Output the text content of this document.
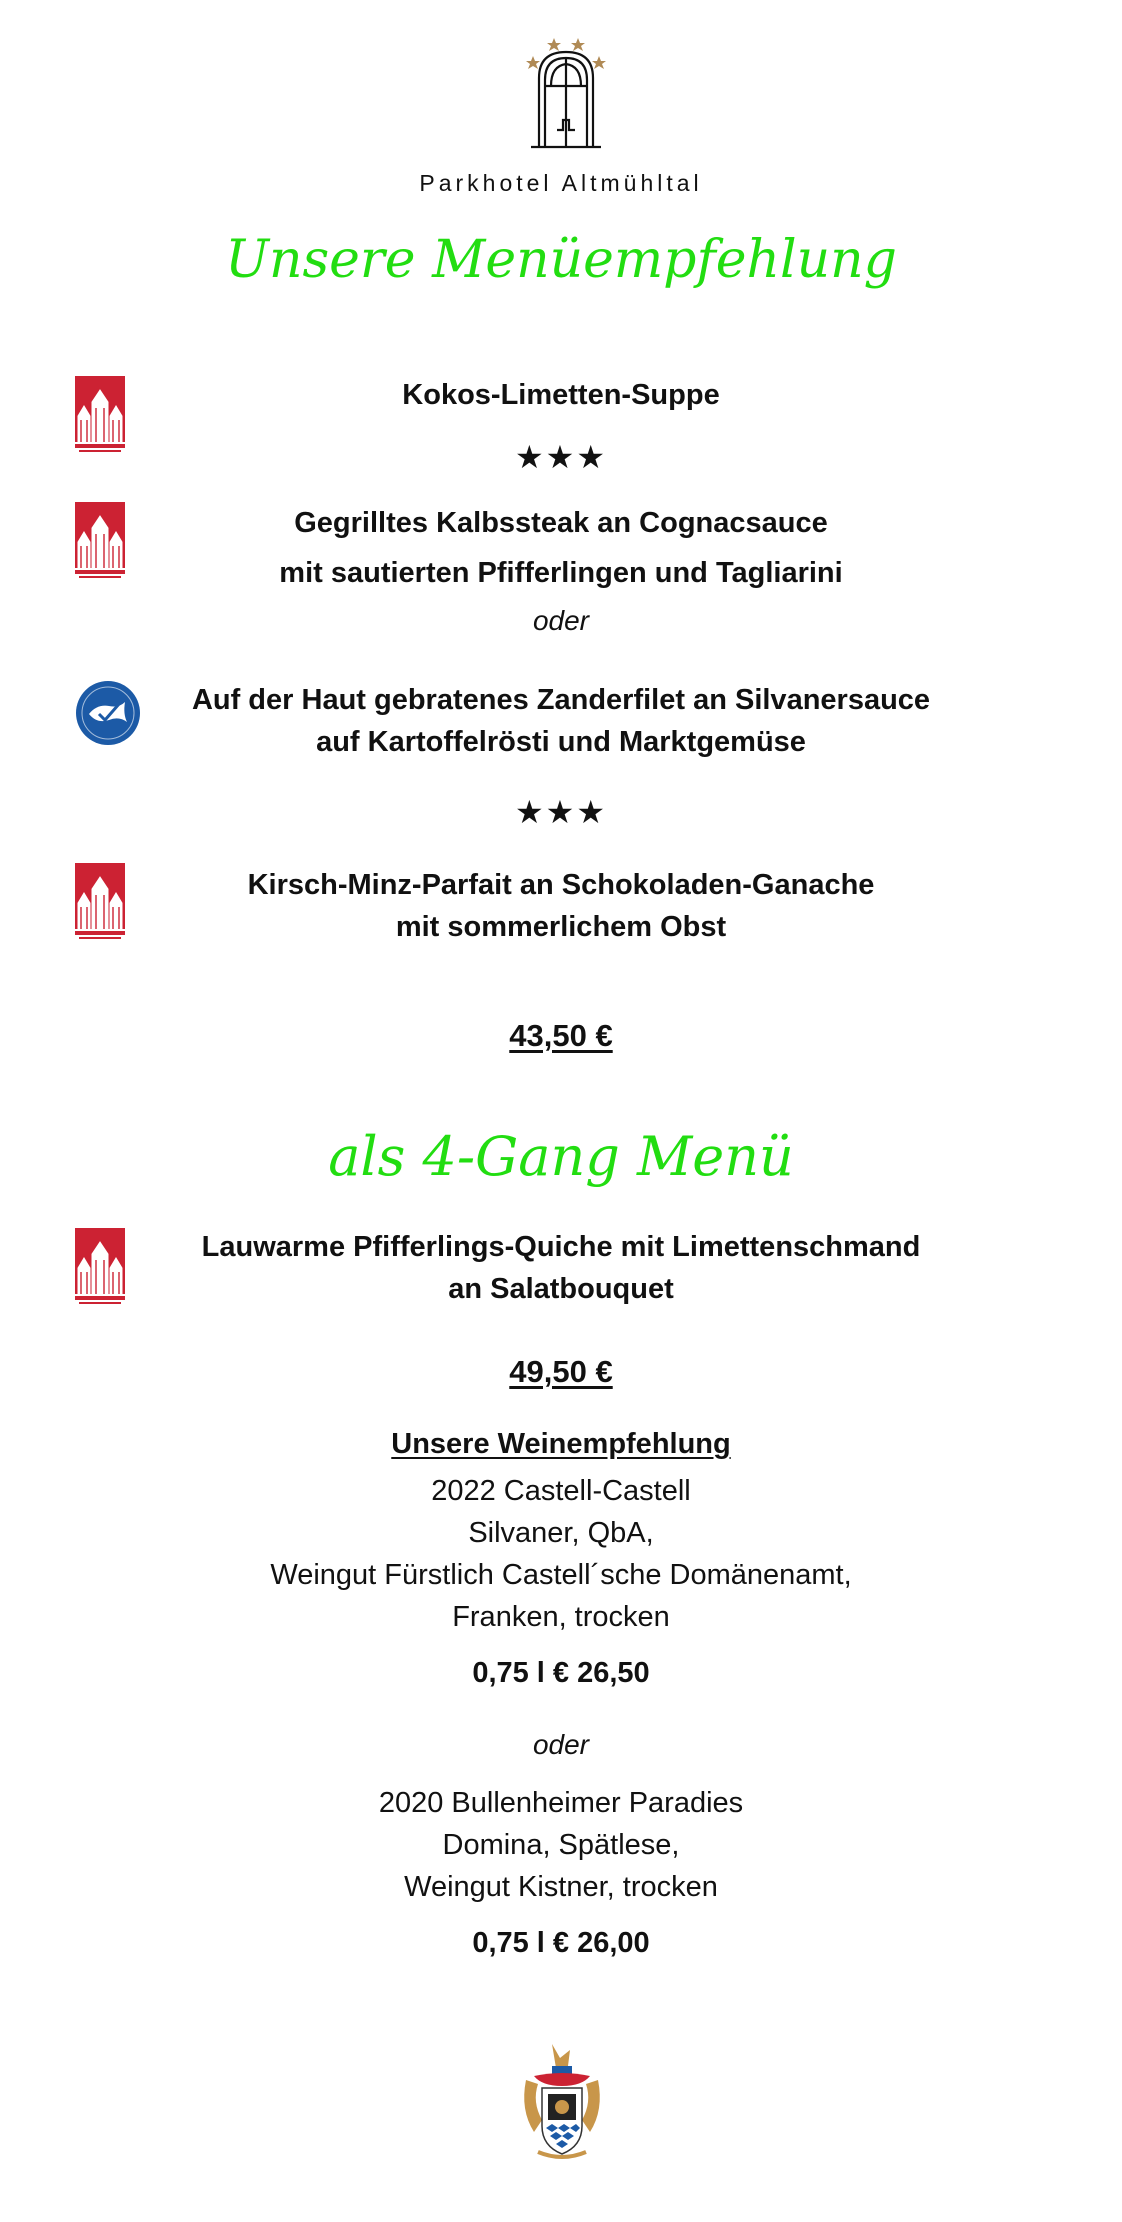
Parkhotel Altmühltal
Unsere Menüempfehlung
Kokos-Limetten-Suppe
★★★
Gegrilltes Kalbssteak an Cognacsauce
mit sautierten Pfifferlingen und Tagliarini
oder
Auf der Haut gebratenes Zanderfilet an Silvanersauce
auf Kartoffelrösti und Marktgemüse
★★★
Kirsch-Minz-Parfait an Schokoladen-Ganache
mit sommerlichem Obst
43,50 €
als 4-Gang Menü
Lauwarme Pfifferlings-Quiche mit Limettenschmand
an Salatbouquet
49,50 €
Unsere Weinempfehlung
2022 Castell-Castell
Silvaner, QbA,
Weingut Fürstlich Castell´sche Domänenamt,
Franken, trocken
0,75 l € 26,50
oder
2020 Bullenheimer Paradies
Domina, Spätlese,
Weingut Kistner, trocken
0,75 l € 26,00
